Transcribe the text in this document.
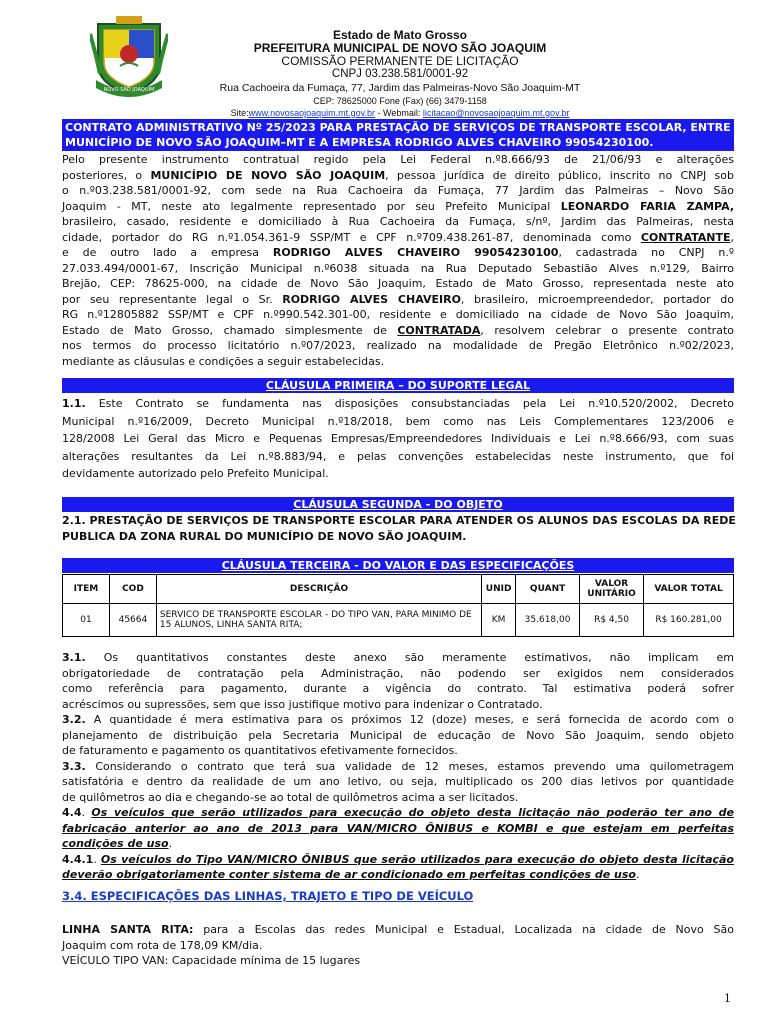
NOVO SÃO JOAQUIM
Estado de Mato Grosso
PREFEITURA MUNICIPAL DE NOVO SÃO JOAQUIM
COMISSÃO PERMANENTE DE LICITAÇÃO
CNPJ 03.238.581/0001-92
Rua Cachoeira da Fumaça, 77, Jardim das Palmeiras-Novo São Joaquim-MT
CEP: 78625000 Fone (Fax) (66) 3479-1158
Site:www.novosaojoaquim.mt.gov.br - Webmail: licitacao@novosaojoaquim.mt.gov.br
CONTRATO ADMINISTRATIVO Nº 25/2023 PARA PRESTAÇÃO DE SERVIÇOS DE TRANSPORTE ESCOLAR, ENTRE O
MUNICÍPIO DE NOVO SÃO JOAQUIM–MT E A EMPRESA RODRIGO ALVES CHAVEIRO 99054230100.
Pelo presente instrumento contratual regido pela Lei Federal n.º8.666/93 de 21/06/93 e alterações
posteriores, o MUNICÍPIO DE NOVO SÃO JOAQUIM, pessoa jurídica de direito público, inscrito no CNPJ sob
o n.º03.238.581/0001-92, com sede na Rua Cachoeira da Fumaça, 77 Jardim das Palmeiras – Novo São
Joaquim - MT, neste ato legalmente representado por seu Prefeito Municipal LEONARDO FARIA ZAMPA,
brasileiro, casado, residente e domiciliado à Rua Cachoeira da Fumaça, s/nº, Jardim das Palmeiras, nesta
cidade, portador do RG n.º1.054.361-9 SSP/MT e CPF n.º709.438.261-87, denominada como CONTRATANTE,
e de outro lado a empresa RODRIGO ALVES CHAVEIRO 99054230100, cadastrada no CNPJ n.º
27.033.494/0001-67, Inscrição Municipal n.º6038 situada na Rua Deputado Sebastião Alves n.º129, Bairro
Brejão, CEP: 78625-000, na cidade de Novo São Joaquim, Estado de Mato Grosso, representada neste ato
por seu representante legal o Sr. RODRIGO ALVES CHAVEIRO, brasileiro, microempreendedor, portador do
RG n.º12805882 SSP/MT e CPF n.º990.542.301-00, residente e domiciliado na cidade de Novo São Joaquim,
Estado de Mato Grosso, chamado simplesmente de CONTRATADA, resolvem celebrar o presente contrato
nos termos do processo licitatório n.º07/2023, realizado na modalidade de Pregão Eletrônico n.º02/2023,
mediante as cláusulas e condições a seguir estabelecidas.
CLÁUSULA PRIMEIRA – DO SUPORTE LEGAL
1.1. Este Contrato se fundamenta nas disposições consubstanciadas pela Lei n.º10.520/2002, Decreto
Municipal n.º16/2009, Decreto Municipal n.º18/2018, bem como nas Leis Complementares 123/2006 e
128/2008 Lei Geral das Micro e Pequenas Empresas/Empreendedores Individuais e Lei n.º8.666/93, com suas
alterações resultantes da Lei n.º8.883/94, e pelas convenções estabelecidas neste instrumento, que foi
devidamente autorizado pelo Prefeito Municipal.
CLÁUSULA SEGUNDA - DO OBJETO
2.1. PRESTAÇÃO DE SERVIÇOS DE TRANSPORTE ESCOLAR PARA ATENDER OS ALUNOS DAS ESCOLAS DA REDE
PUBLICA DA ZONA RURAL DO MUNICÍPIO DE NOVO SÃO JOAQUIM.
CLÁUSULA TERCEIRA - DO VALOR E DAS ESPECIFICAÇÕES
ITEM	COD	DESCRIÇÃO	UNID	QUANT	VALOR UNITÁRIO	VALOR TOTAL
01	45664	SERVICO DE TRANSPORTE ESCOLAR - DO TIPO VAN, PARA MINIMO DE 15 ALUNOS, LINHA SANTA RITA;	KM	35.618,00	R$ 4,50	R$ 160.281,00
3.1. Os quantitativos constantes deste anexo são meramente estimativos, não implicam em
obrigatoriedade de contratação pela Administração, não podendo ser exigidos nem considerados
como referência para pagamento, durante a vigência do contrato. Tal estimativa poderá sofrer
acréscimos ou supressões, sem que isso justifique motivo para indenizar o Contratado.
3.2. A quantidade é mera estimativa para os próximos 12 (doze) meses, e será fornecida de acordo com o
planejamento de distribuição pela Secretaria Municipal de educação de Novo São Joaquim, sendo objeto
de faturamento e pagamento os quantitativos efetivamente fornecidos.
3.3. Considerando o contrato que terá sua validade de 12 meses, estamos prevendo uma quilometragem
satisfatória e dentro da realidade de um ano letivo, ou seja, multiplicado os 200 dias letivos por quantidade
de quilômetros ao dia e chegando-se ao total de quilômetros acima a ser licitados.
4.4. Os veículos que serão utilizados para execução do objeto desta licitação não poderão ter ano de
fabricação anterior ao ano de 2013 para VAN/MICRO ÔNIBUS e KOMBI e que estejam em perfeitas
condições de uso.
4.4.1. Os veículos do Tipo VAN/MICRO ÔNIBUS que serão utilizados para execução do objeto desta licitação
deverão obrigatoriamente conter sistema de ar condicionado em perfeitas condições de uso.
3.4. ESPECIFICAÇÕES DAS LINHAS, TRAJETO E TIPO DE VEÍCULO
LINHA SANTA RITA: para a Escolas das redes Municipal e Estadual, Localizada na cidade de Novo São
Joaquim com rota de 178,09 KM/dia.
VEÍCULO TIPO VAN: Capacidade mínima de 15 lugares
1
